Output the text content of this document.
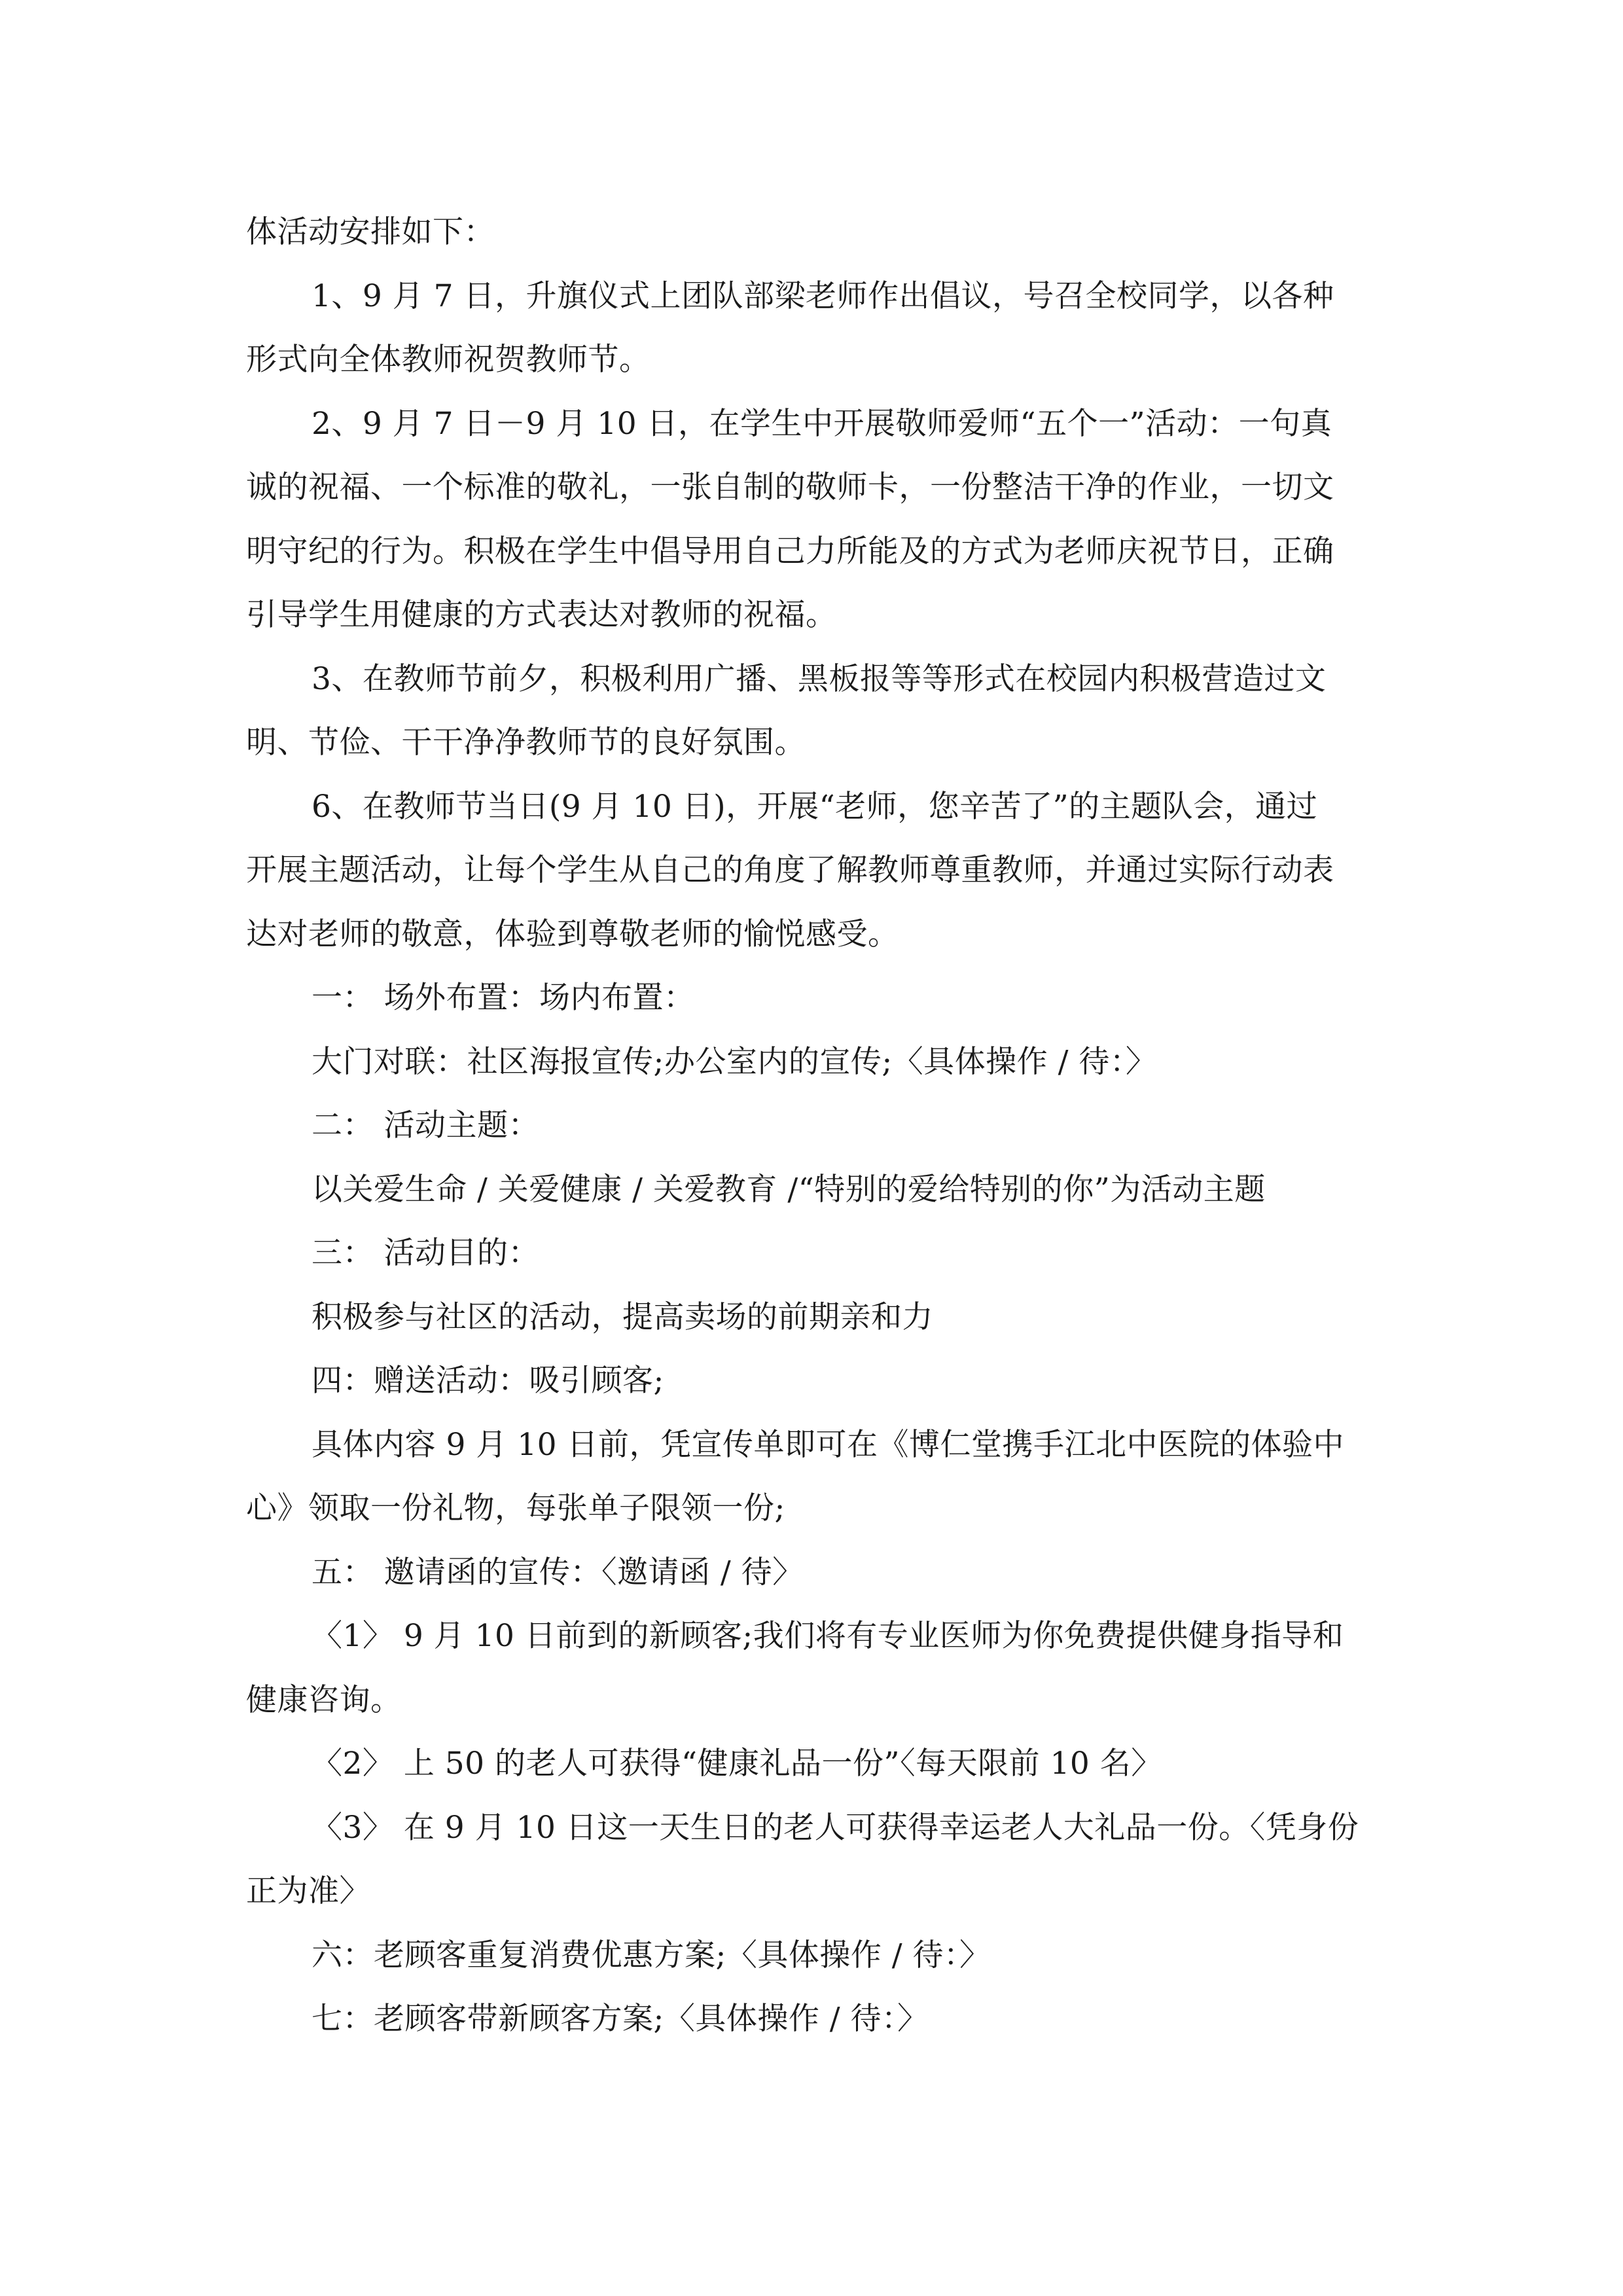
体活动安排如下：
1、9 月 7 日，升旗仪式上团队部梁老师作出倡议，号召全校同学，以各种
形式向全体教师祝贺教师节。
2、9 月 7 日－9 月 10 日，在学生中开展敬师爱师“五个一”活动：一句真
诚的祝福、一个标准的敬礼，一张自制的敬师卡，一份整洁干净的作业，一切文
明守纪的行为。积极在学生中倡导用自己力所能及的方式为老师庆祝节日，正确
引导学生用健康的方式表达对教师的祝福。
3、在教师节前夕，积极利用广播、黑板报等等形式在校园内积极营造过文
明、节俭、干干净净教师节的良好氛围。
6、在教师节当日(9 月 10 日)，开展“老师，您辛苦了”的主题队会，通过
开展主题活动，让每个学生从自己的角度了解教师尊重教师，并通过实际行动表
达对老师的敬意，体验到尊敬老师的愉悦感受。
一： 场外布置：场内布置：
大门对联：社区海报宣传;办公室内的宣传;〈具体操作 / 待：〉
二： 活动主题：
以关爱生命 / 关爱健康 / 关爱教育 /“特别的爱给特别的你”为活动主题
三： 活动目的：
积极参与社区的活动，提高卖场的前期亲和力
四：赠送活动：吸引顾客;
具体内容 9 月 10 日前，凭宣传单即可在《博仁堂携手江北中医院的体验中
心》领取一份礼物，每张单子限领一份;
五： 邀请函的宣传：〈邀请函 / 待〉
〈1〉 9 月 10 日前到的新顾客;我们将有专业医师为你免费提供健身指导和
健康咨询。
〈2〉 上 50 的老人可获得“健康礼品一份”〈每天限前 10 名〉
〈3〉 在 9 月 10 日这一天生日的老人可获得幸运老人大礼品一份。〈凭身份
正为准〉
六：老顾客重复消费优惠方案;〈具体操作 / 待：〉
七：老顾客带新顾客方案;〈具体操作 / 待：〉
